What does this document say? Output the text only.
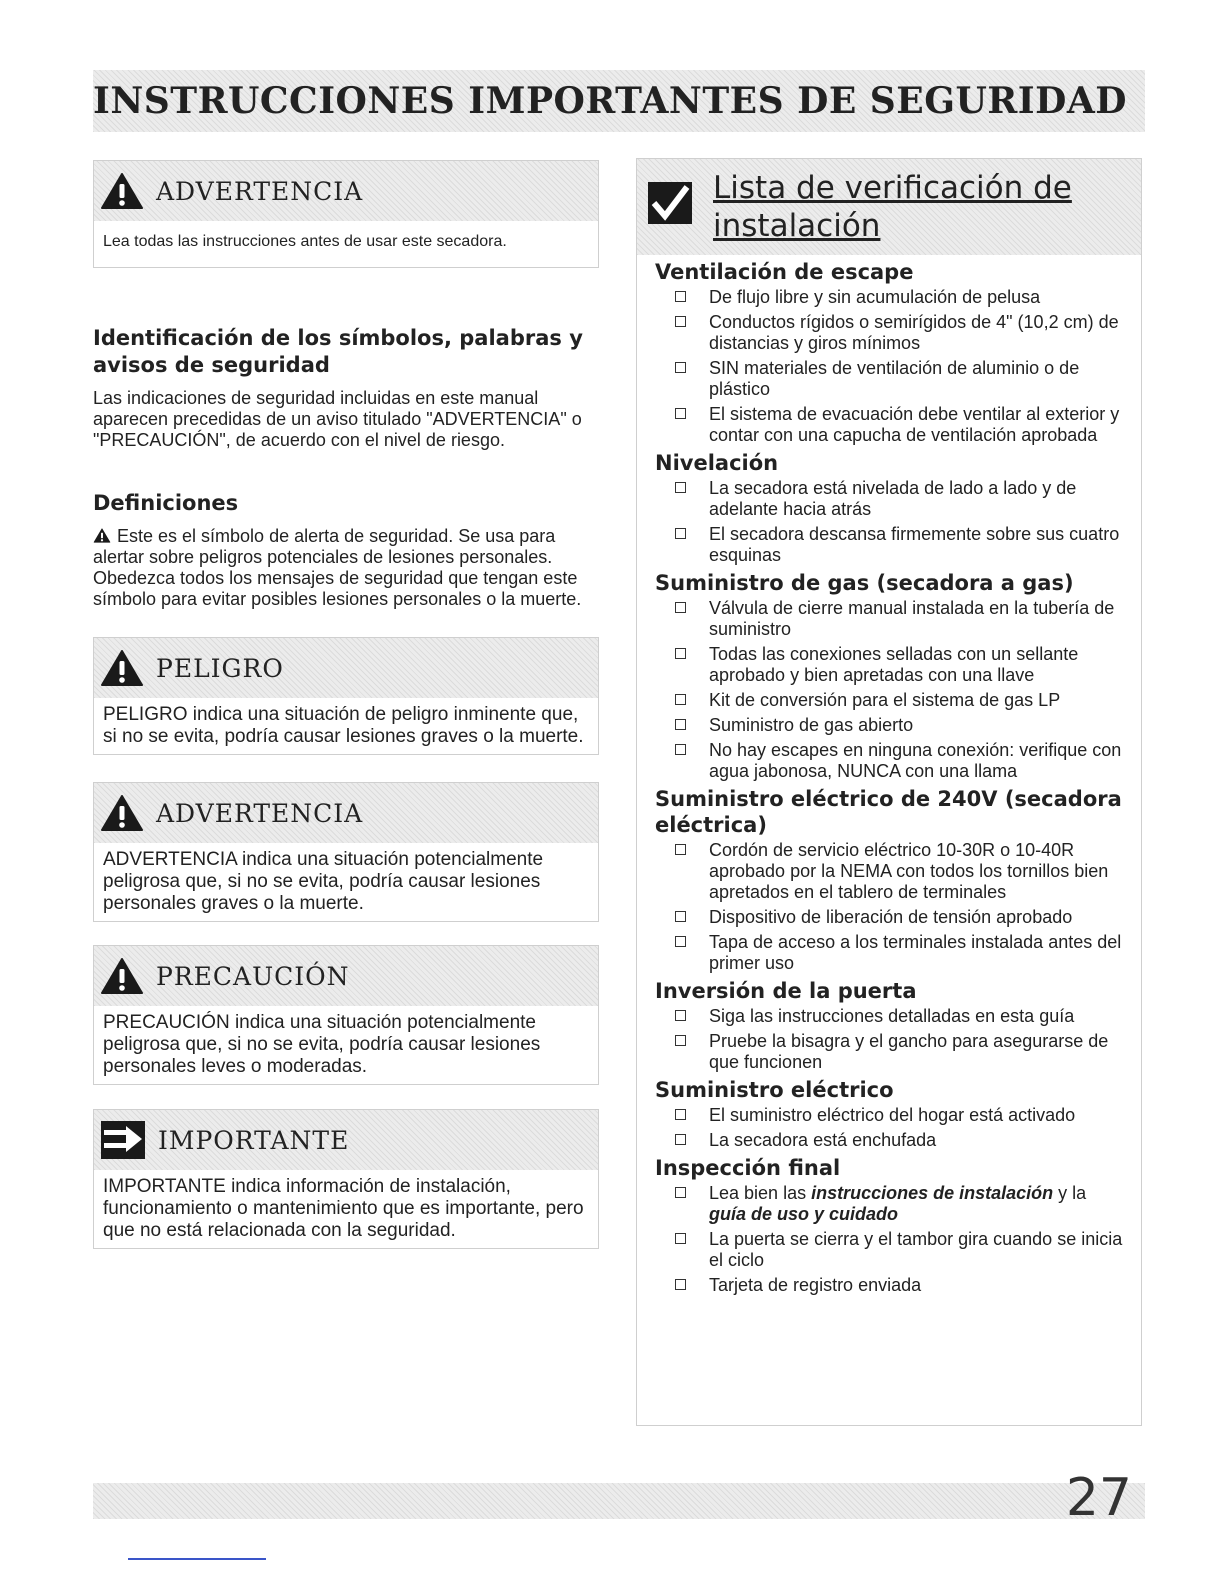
INSTRUCCIONES IMPORTANTES DE SEGURIDAD
ADVERTENCIA
Lea todas las instrucciones antes de usar este secadora.
Identificación de los símbolos, palabras y avisos de seguridad

Las indicaciones de seguridad incluidas en este manual aparecen precedidas de un aviso titulado "ADVERTENCIA" o "PRECAUCIÓN", de acuerdo con el nivel de riesgo.

Definiciones

Este es el símbolo de alerta de seguridad. Se usa para alertar sobre peligros potenciales de lesiones personales. Obedezca todos los mensajes de seguridad que tengan este símbolo para evitar posibles lesiones personales o la muerte.

PELIGRO
PELIGRO indica una situación de peligro inminente que, si no se evita, podría causar lesiones graves o la muerte.
ADVERTENCIA
ADVERTENCIA indica una situación potencialmente peligrosa que, si no se evita, podría causar lesiones personales graves o la muerte.
PRECAUCIÓN
PRECAUCIÓN indica una situación potencialmente peligrosa que, si no se evita, podría causar lesiones personales leves o moderadas.
IMPORTANTE
IMPORTANTE indica información de instalación, funcionamiento o mantenimiento que es importante, pero que no está relacionada con la seguridad.
Lista de verificación de instalación
Ventilación de escape
De flujo libre y sin acumulación de pelusa
Conductos rígidos o semirígidos de 4" (10,2 cm) de distancias y giros mínimos
SIN materiales de ventilación de aluminio o de plástico
El sistema de evacuación debe ventilar al exterior y contar con una capucha de ventilación aprobada
Nivelación
La secadora está nivelada de lado a lado y de adelante hacia atrás
El secadora descansa firmemente sobre sus cuatro esquinas
Suministro de gas (secadora a gas)
Válvula de cierre manual instalada en la tubería de suministro
Todas las conexiones selladas con un sellante aprobado y bien apretadas con una llave
Kit de conversión para el sistema de gas LP
Suministro de gas abierto
No hay escapes en ninguna conexión: verifique con agua jabonosa, NUNCA con una llama
Suministro eléctrico de 240V (secadora eléctrica)
Cordón de servicio eléctrico 10-30R o 10-40R aprobado por la NEMA con todos los tornillos bien apretados en el tablero de terminales
Dispositivo de liberación de tensión aprobado
Tapa de acceso a los terminales instalada antes del primer uso
Inversión de la puerta
Siga las instrucciones detalladas en esta guía
Pruebe la bisagra y el gancho para asegurarse de que funcionen
Suministro eléctrico
El suministro eléctrico del hogar está activado
La secadora está enchufada
Inspección final
Lea bien las instrucciones de instalación y la guía de uso y cuidado
La puerta se cierra y el tambor gira cuando se inicia el ciclo
Tarjeta de registro enviada
27
